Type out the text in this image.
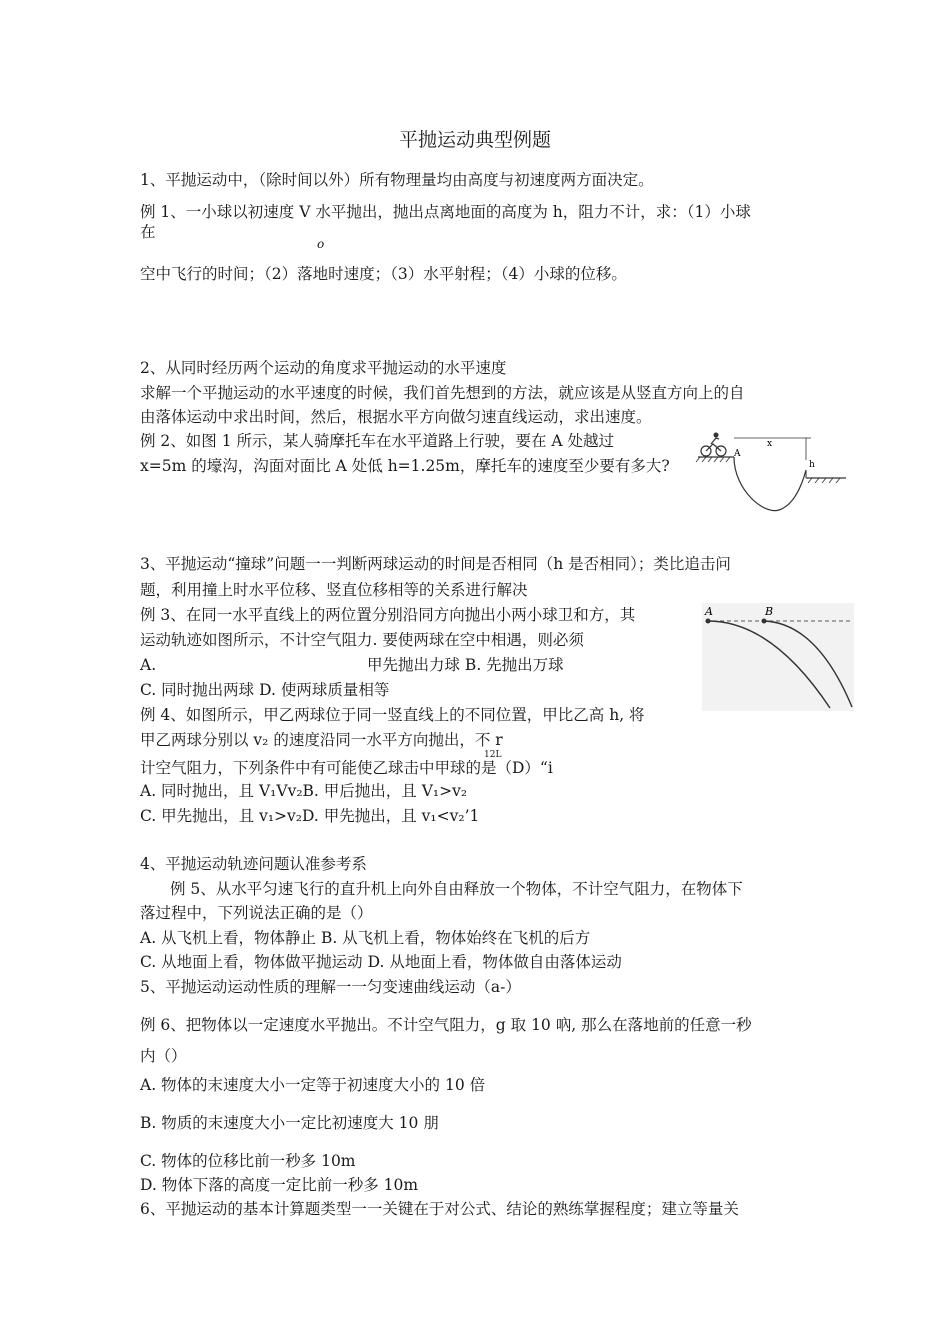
平抛运动典型例题
1、平抛运动中，（除时间以外）所有物理量均由高度与初速度两方面决定。
例 1、一小球以初速度 V 水平抛出，抛出点离地面的高度为 h，阻力不计，求：（1）小球
在
o
空中飞行的时间；（2）落地时速度；（3）水平射程；（4）小球的位移。
2、从同时经历两个运动的角度求平抛运动的水平速度
求解一个平抛运动的水平速度的时候，我们首先想到的方法，就应该是从竖直方向上的自
由落体运动中求出时间，然后，根据水平方向做匀速直线运动，求出速度。
例 2、如图 1 所示，某人骑摩托车在水平道路上行驶，要在 A 处越过
x=5m 的壕沟，沟面对面比 A 处低 h=1.25m，摩托车的速度至少要有多大?
A
x
h
3、平抛运动“撞球”问题一一判断两球运动的时间是否相同（h 是否相同）；类比追击问
题，利用撞上时水平位移、竖直位移相等的关系进行解决
例 3、在同一水平直线上的两位置分别沿同方向抛出小两小球卫和方，其
运动轨迹如图所示，不计空气阻力. 要使两球在空中相遇，则必须
A.	甲先抛出力球 B. 先抛出万球
C. 同时抛出两球 D. 使两球质量相等
A	B
例 4、如图所示，甲乙两球位于同一竖直线上的不同位置，甲比乙高 h, 将
甲乙两球分别以 v₂ 的速度沿同一水平方向抛出，不 r
12L
计空气阻力，下列条件中有可能使乙球击中甲球的是（D）“i
A. 同时抛出，且 V₁Vv₂B. 甲后抛出，且 V₁>v₂
C. 甲先抛出，且 v₁>v₂D. 甲先抛出，且 v₁<v₂’1
4、平抛运动轨迹问题认准参考系
例 5、从水平匀速飞行的直升机上向外自由释放一个物体，不计空气阻力，在物体下
落过程中，下列说法正确的是（）
A. 从飞机上看，物体静止 B. 从飞机上看，物体始终在飞机的后方
C. 从地面上看，物体做平抛运动 D. 从地面上看，物体做自由落体运动
5、平抛运动运动性质的理解一一匀变速曲线运动（a-）
例 6、把物体以一定速度水平抛出。不计空气阻力，g 取 10 吶, 那么在落地前的任意一秒
内（）
A. 物体的末速度大小一定等于初速度大小的 10 倍
B. 物质的末速度大小一定比初速度大 10 朋
C. 物体的位移比前一秒多 10m
D. 物体下落的高度一定比前一秒多 10m
6、平抛运动的基本计算题类型一一关键在于对公式、结论的熟练掌握程度；建立等量关
